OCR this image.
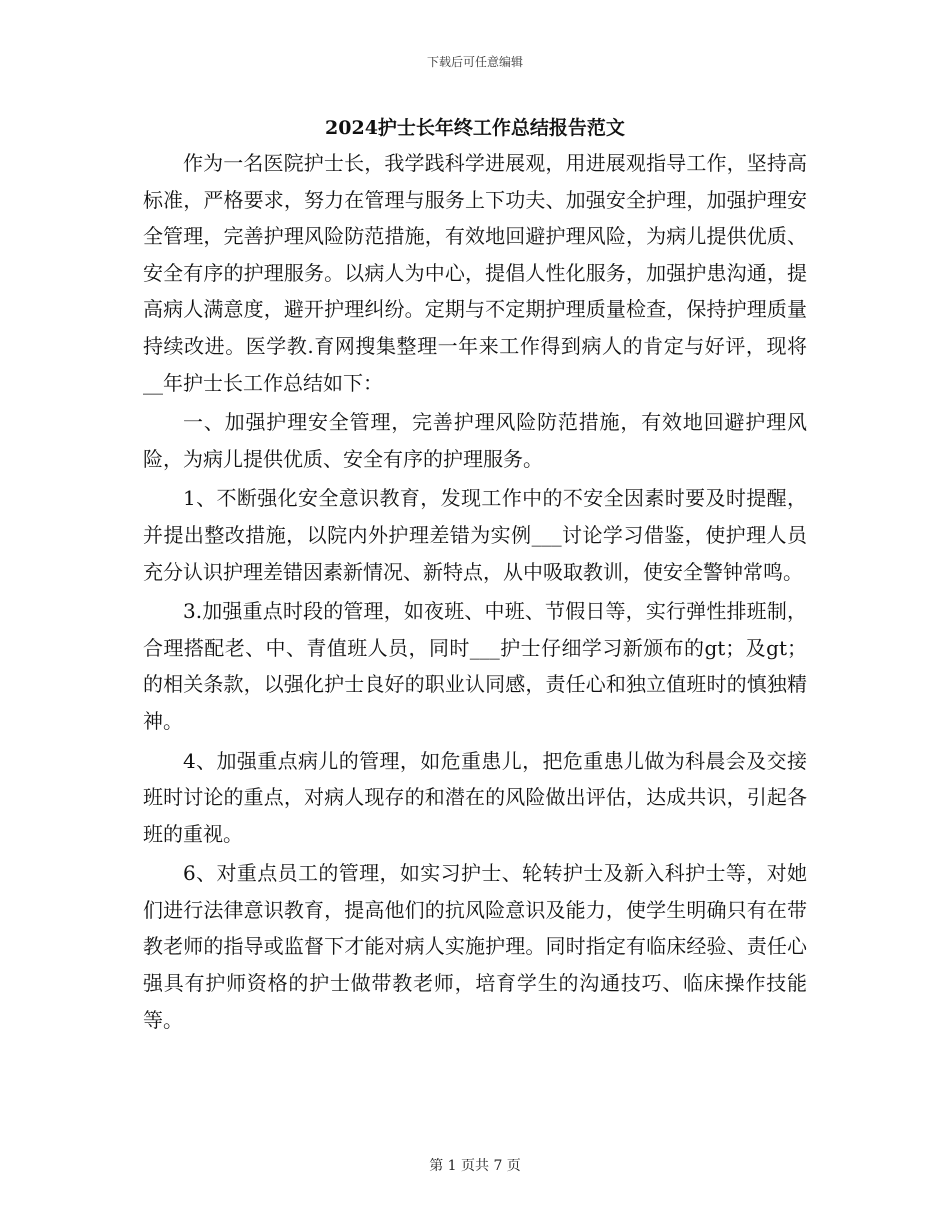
下载后可任意编辑
2024护士长年终工作总结报告范文

作为一名医院护士长，我学践科学进展观，用进展观指导工作，坚持高标准，严格要求，努力在管理与服务上下功夫、加强安全护理，加强护理安全管理，完善护理风险防范措施，有效地回避护理风险，为病儿提供优质、安全有序的护理服务。以病人为中心，提倡人性化服务，加强护患沟通，提高病人满意度，避开护理纠纷。定期与不定期护理质量检查，保持护理质量持续改进。医学教.育网搜集整理一年来工作得到病人的肯定与好评，现将__年护士长工作总结如下：

一、加强护理安全管理，完善护理风险防范措施，有效地回避护理风险，为病儿提供优质、安全有序的护理服务。

1、不断强化安全意识教育，发现工作中的不安全因素时要及时提醒，并提出整改措施，以院内外护理差错为实例___讨论学习借鉴，使护理人员充分认识护理差错因素新情况、新特点，从中吸取教训，使安全警钟常鸣。

3.加强重点时段的管理，如夜班、中班、节假日等，实行弹性排班制，合理搭配老、中、青值班人员，同时___护士仔细学习新颁布的gt；及gt；的相关条款，以强化护士良好的职业认同感，责任心和独立值班时的慎独精神。

4、加强重点病儿的管理，如危重患儿，把危重患儿做为科晨会及交接班时讨论的重点，对病人现存的和潜在的风险做出评估，达成共识，引起各班的重视。

6、对重点员工的管理，如实习护士、轮转护士及新入科护士等，对她们进行法律意识教育，提高他们的抗风险意识及能力，使学生明确只有在带教老师的指导或监督下才能对病人实施护理。同时指定有临床经验、责任心强具有护师资格的护士做带教老师，培育学生的沟通技巧、临床操作技能等。

第 1 页共 7 页
